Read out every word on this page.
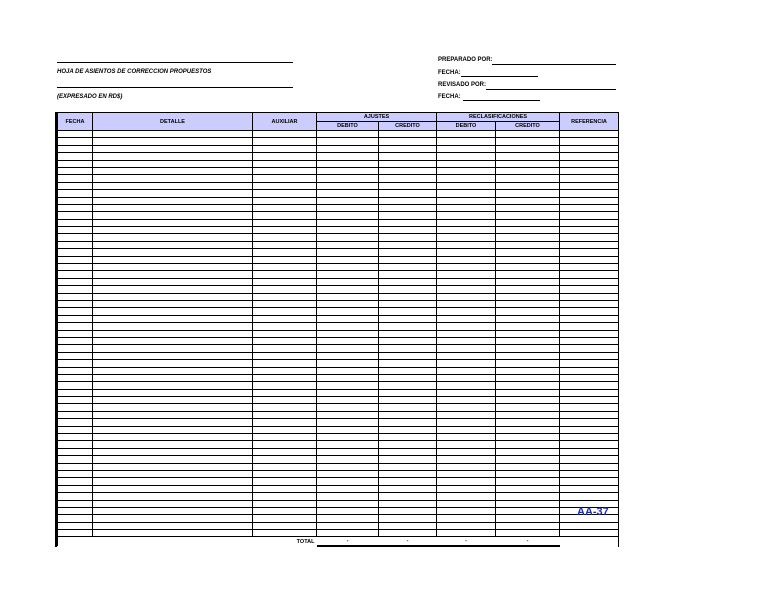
HOJA DE ASIENTOS DE CORRECCION PROPUESTOS
(EXPRESADO EN RD$)
PREPARADO POR:
FECHA:
REVISADO POR:
FECHA:
FECHA	DETALLE	AUXILIAR	AJUSTES		RECLASIFICACIONES		REFERENCIA
			DEBITO	CREDITO	DEBITO	CREDITO	

TOTAL			-	-	-	-	
AA-37
